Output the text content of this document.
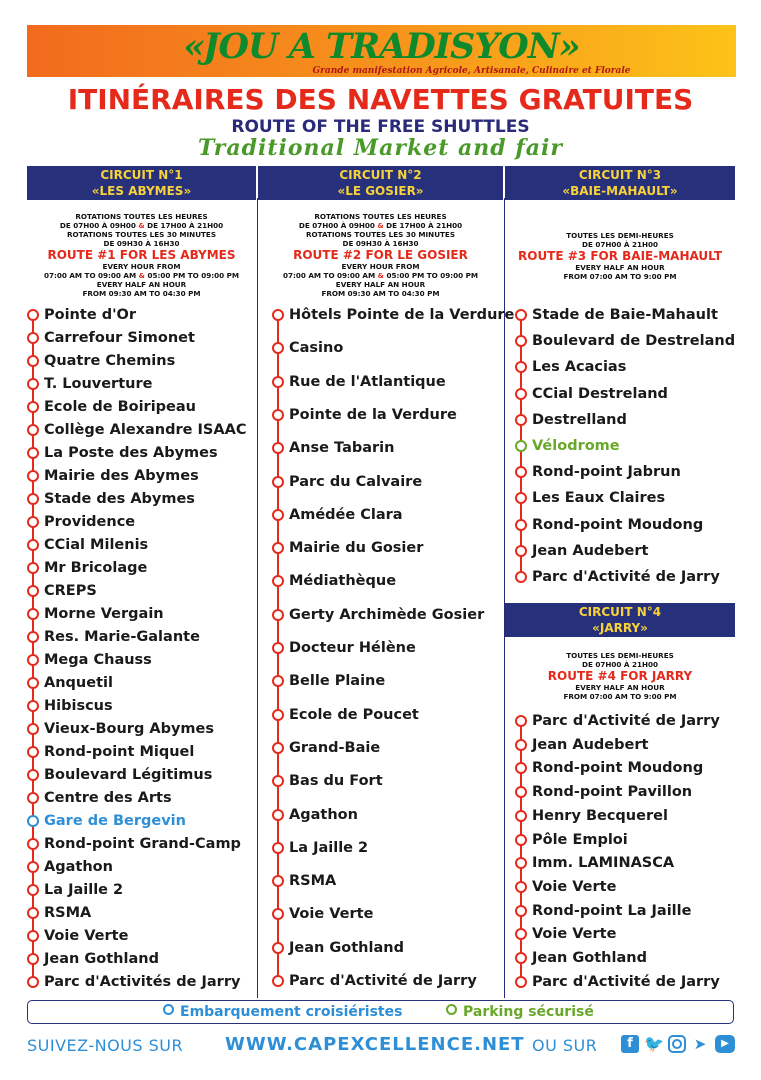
«JOU A TRADISYON»
Grande manifestation Agricole, Artisanale, Culinaire et Florale
ITINÉRAIRES DES NAVETTES GRATUITES
ROUTE OF THE FREE SHUTTLES
Traditional Market and fair
CIRCUIT N°1
«LES ABYMES»
CIRCUIT N°2
«LE GOSIER»
CIRCUIT N°3
«BAIE-MAHAULT»
CIRCUIT N°4
«JARRY»
ROTATIONS TOUTES LES HEURES
DE 07H00 À 09H00 & DE 17H00 À 21H00
ROTATIONS TOUTES LES 30 MINUTES
DE 09H30 À 16H30
ROUTE #1 FOR LES ABYMES
EVERY HOUR FROM
07:00 AM TO 09:00 AM & 05:00 PM TO 09:00 PM
EVERY HALF AN HOUR
FROM 09:30 AM TO 04:30 PM
ROTATIONS TOUTES LES HEURES
DE 07H00 À 09H00 & DE 17H00 À 21H00
ROTATIONS TOUTES LES 30 MINUTES
DE 09H30 À 16H30
ROUTE #2 FOR LE GOSIER
EVERY HOUR FROM
07:00 AM TO 09:00 AM & 05:00 PM TO 09:00 PM
EVERY HALF AN HOUR
FROM 09:30 AM TO 04:30 PM
TOUTES LES DEMI-HEURES
DE 07H00 À 21H00
ROUTE #3 FOR BAIE-MAHAULT
EVERY HALF AN HOUR
FROM 07:00 AM TO 9:00 PM
TOUTES LES DEMI-HEURES
DE 07H00 À 21H00
ROUTE #4 FOR JARRY
EVERY HALF AN HOUR
FROM 07:00 AM TO 9:00 PM
Pointe d'Or
Carrefour Simonet
Quatre Chemins
T. Louverture
Ecole de Boiripeau
Collège Alexandre ISAAC
La Poste des Abymes
Mairie des Abymes
Stade des Abymes
Providence
CCial Milenis
Mr Bricolage
CREPS
Morne Vergain
Res. Marie-Galante
Mega Chauss
Anquetil
Hibiscus
Vieux-Bourg Abymes
Rond-point Miquel
Boulevard Légitimus
Centre des Arts
Gare de Bergevin
Rond-point Grand-Camp
Agathon
La Jaille 2
RSMA
Voie Verte
Jean Gothland
Parc d'Activités de Jarry
Hôtels Pointe de la Verdure
Casino
Rue de l'Atlantique
Pointe de la Verdure
Anse Tabarin
Parc du Calvaire
Amédée Clara
Mairie du Gosier
Médiathèque
Gerty Archimède Gosier
Docteur Hélène
Belle Plaine
Ecole de Poucet
Grand-Baie
Bas du Fort
Agathon
La Jaille 2
RSMA
Voie Verte
Jean Gothland
Parc d'Activité de Jarry
Stade de Baie-Mahault
Boulevard de Destreland
Les Acacias
CCial Destreland
Destrelland
Vélodrome
Rond-point Jabrun
Les Eaux Claires
Rond-point Moudong
Jean Audebert
Parc d'Activité de Jarry
Parc d'Activité de Jarry
Jean Audebert
Rond-point Moudong
Rond-point Pavillon
Henry Becquerel
Pôle Emploi
Imm. LAMINASCA
Voie Verte
Rond-point La Jaille
Voie Verte
Jean Gothland
Parc d'Activité de Jarry
Embarquement croisiéristes	Parking sécurisé
SUIVEZ-NOUS SUR WWW.CAPEXCELLENCE.NET OU SUR	f 🐦 ➤	▶
